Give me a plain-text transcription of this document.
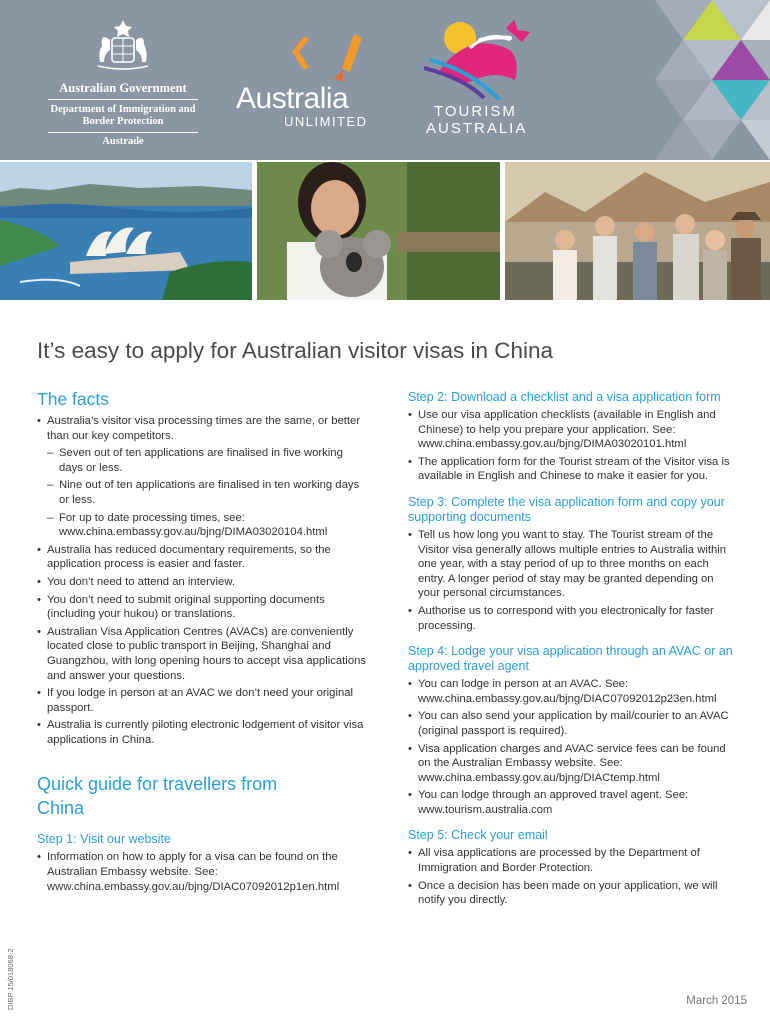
Australian Government
Department of Immigration and Border Protection
Austrade
Australia
UNLIMITED
TOURISM
AUSTRALIA
It’s easy to apply for Australian visitor visas in China
The facts
• Australia’s visitor visa processing times are the same, or better than our key competitors.
– Seven out of ten applications are finalised in five working days or less.
– Nine out of ten applications are finalised in ten working days or less.
– For up to date processing times, see: www.china.embassy.gov.au/bjng/DIMA03020104.html
• Australia has reduced documentary requirements, so the application process is easier and faster.
• You don’t need to attend an interview.
• You don’t need to submit original supporting documents (including your hukou) or translations.
• Australian Visa Application Centres (AVACs) are conveniently located close to public transport in Beijing, Shanghai and Guangzhou, with long opening hours to accept visa applications and answer your questions.
• If you lodge in person at an AVAC we don’t need your original passport.
• Australia is currently piloting electronic lodgement of visitor visa applications in China.
Quick guide for travellers from China
Step 1: Visit our website
• Information on how to apply for a visa can be found on the Australian Embassy website. See: www.china.embassy.gov.au/bjng/DIAC07092012p1en.html
Step 2: Download a checklist and a visa application form
• Use our visa application checklists (available in English and Chinese) to help you prepare your application. See: www.china.embassy.gov.au/bjng/DIMA03020101.html
• The application form for the Tourist stream of the Visitor visa is available in English and Chinese to make it easier for you.
Step 3: Complete the visa application form and copy your supporting documents
• Tell us how long you want to stay. The Tourist stream of the Visitor visa generally allows multiple entries to Australia within one year, with a stay period of up to three months on each entry. A longer period of stay may be granted depending on your personal circumstances.
• Authorise us to correspond with you electronically for faster processing.
Step 4: Lodge your visa application through an AVAC or an approved travel agent
• You can lodge in person at an AVAC. See: www.china.embassy.gov.au/bjng/DIAC07092012p23en.html
• You can also send your application by mail/courier to an AVAC (original passport is required).
• Visa application charges and AVAC service fees can be found on the Australian Embassy website. See: www.china.embassy.gov.au/bjng/DIACtemp.html
• You can lodge through an approved travel agent. See: www.tourism.australia.com
Step 5: Check your email
• All visa applications are processed by the Department of Immigration and Border Protection.
• Once a decision has been made on your application, we will notify you directly.
DIBP 15/018068-2	March 2015
